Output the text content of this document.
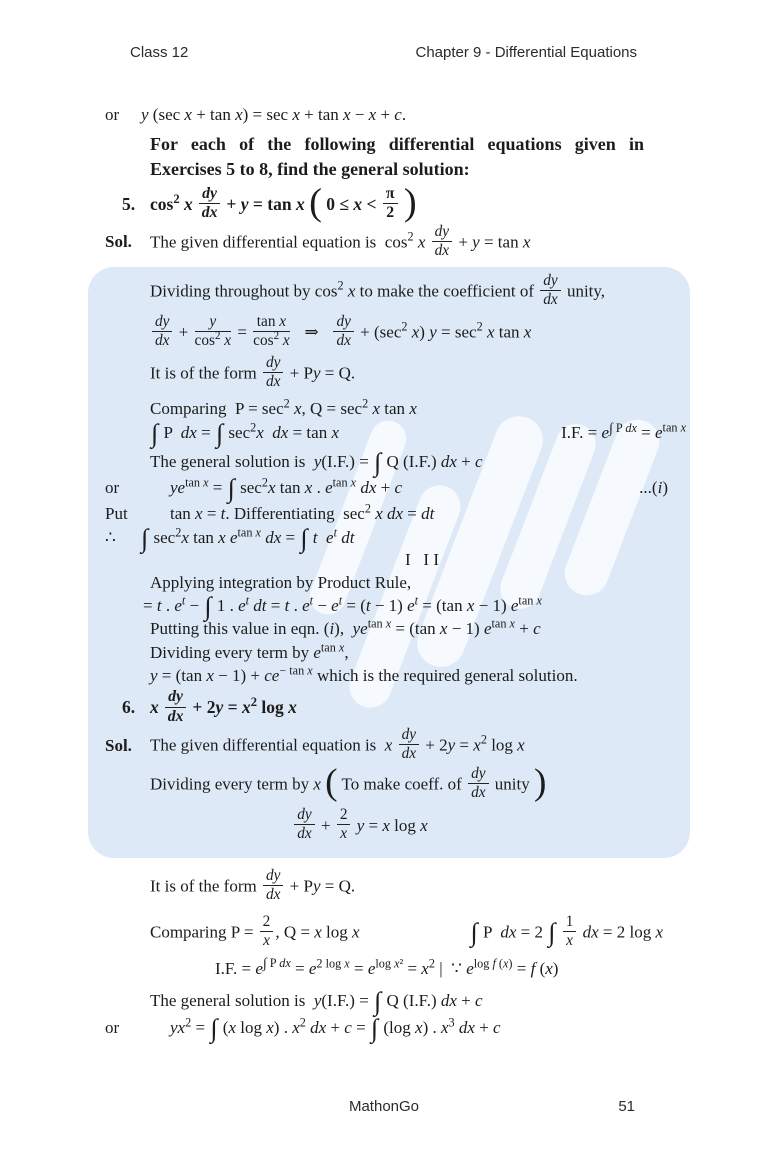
Class 12	Chapter 9 - Differential Equations
or	y (sec x + tan x) = sec x + tan x − x + c.
For each of the following differential equations given in Exercises 5 to 8, find the general solution:
5. $\cos^2 x \frac{dy}{dx} + y = \tan x$ ( $0 \le x < \frac{\pi}{2}$ )
Sol.	The given differential equation is  $\cos^2 x \frac{dy}{dx} + y = \tan x$
Dividing throughout by $\cos^2 x$ to make the coefficient of $\frac{dy}{dx}$ unity,
$\frac{dy}{dx} + \frac{y}{\cos^2 x} = \frac{\text{tan x}}{\cos^2 x}$ ⇒ $\frac{dy}{dx} + (\sec^2$ x) $y = \sec^2 x$ tan x
It is of the form $\frac{dy}{dx} + Py = Q$.
Comparing  $P = \sec^2 x$, $Q = \sec^2 x$ tan x
∫ P  dx = ∫ $\sec^2x$ dx = tan x	I.F. = $e^{\int P dx} = e^{tan x}$
The general solution is  y(I.F.) = ∫ Q (I.F.) dx + c
or	$ye^{tan x}$ = ∫ $\sec^2x$ tan x . $e^{tan x}$ dx + c	...(i)
Put	tan x = t. Differentiating  $\sec^2 x$ dx = dt
∴ ∫ $\sec^2x$ tan x $e^{tan x}$ dx = ∫ t $e^t$ dt
I   I I
Applying integration by Product Rule,
= t . $e^t$ − ∫ 1 . $e^t$ dt = t . $e^t - e^t = (t - 1) e^t = (\tan$ x − 1) $e^{tan x}$
Putting this value in eqn. (i),  $ye^{tan x} = (\tan$ x − 1) $e^{tan x} + c$
Dividing every term by $e^{tan x}$,
y = (tan $x - 1) + ce^{- tan x}$ which is the required general solution.
6. x $\frac{dy}{dx} + 2y = x^2$ log x
Sol.	The given differential equation is  x $\frac{dy}{dx} + 2y = x^2$ log x
Dividing every term by x ( To make coeff. of $\frac{dy}{dx}$ unity )
$\frac{dy}{dx} + \frac{2}{x}$ y = x log x
It is of the form $\frac{dy}{dx} + Py = Q$.
Comparing $P = \frac{2}{x}$ , Q = x log x	∫ P  dx = 2 ∫ $\frac{1}{x}$ dx = 2 log x
I.F. = $e^{\int P dx} = e^{2 log x} = e^{log x^2} = x^2$ |  ∵ $e^{log f (x)} = f$ (x)
The general solution is  y(I.F.) = ∫ Q (I.F.) dx + c
or	$yx^2$ = ∫ (x log x) . $x^2$ dx + c = ∫ (log x) . $x^3$ dx + c
MathonGo	51
